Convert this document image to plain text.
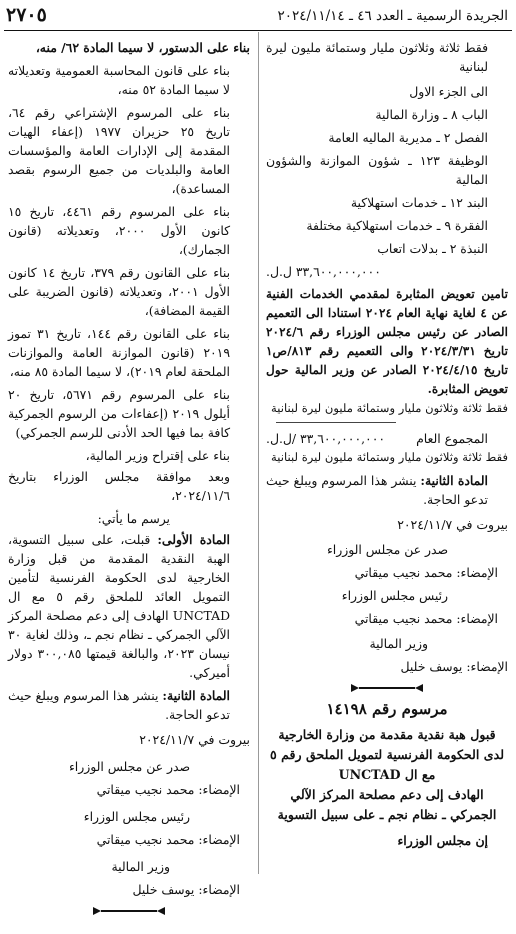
٢٧٠٥	الجريدة الرسمية ـ العدد ٤٦ ـ ٢٠٢٤/١١/١٤

فقط ثلاثة وثلاثون مليار وستمائة مليون ليرة لبنانية

الى الجزء الاول

الباب ٨ ـ وزارة المالية

الفصل ٢ ـ مديرية الماليه العامة

الوظيفة ١٢٣ ـ شؤون الموازنة والشؤون المالية

البند ١٢ ـ خدمات استهلاكية

الفقرة ٩ ـ خدمات استهلاكية مختلفة

النبذة ٢ ـ بدلات اتعاب

٣٣,٦٠٠,٠٠٠,٠٠٠ ل.ل.

تامين تعويض المثابرة لمقدمي الخدمات الفنية عن ٤ لغاية نهاية العام ٢٠٢٤ استنادا الى التعميم الصادر عن رئيس مجلس الوزراء رقم ٢٠٢٤/٦ تاريخ ٢٠٢٤/٣/٣١ والى التعميم رقم ٨١٣/ص١ تاريخ ٢٠٢٤/٤/١٥ الصادر عن وزير المالية حول تعويض المثابرة.

فقط ثلاثة وثلاثون مليار وستمائة مليون ليرة لبنانية

المجموع العام
٣٣,٦٠٠,٠٠٠,٠٠٠ /ل.ل.

فقط ثلاثة وثلاثون مليار وستمائة مليون ليرة لبنانية

المادة الثانية: ينشر هذا المرسوم ويبلغ حيث تدعو الحاجة.

بيروت في ٢٠٢٤/١١/٧

صدر عن مجلس الوزراء

الإمضاء: محمد نجيب ميقاتي

رئيس مجلس الوزراء

الإمضاء: محمد نجيب ميقاتي

وزير المالية

الإمضاء: يوسف خليل

مرسوم رقم ١٤١٩٨
قبول هبة نقدية مقدمة من وزارة الخارجية
لدى الحكومة الفرنسية لتمويل الملحق رقم ٥
مع ال UNCTAD
الهادف إلى دعم مصلحة المركز الآلي
الجمركي ـ نظام نجم ـ على سبيل التسوية

إن مجلس الوزراء

بناء على الدستور، لا سيما المادة ٦٢/ منه،

بناء على قانون المحاسبة العمومية وتعديلاته لا سيما المادة ٥٢ منه،

بناء على المرسوم الإشتراعي رقم ٦٤، تاريخ ٢٥ حزيران ١٩٧٧ (إعفاء الهيات المقدمة إلى الإدارات العامة والمؤسسات العامة والبلديات من جميع الرسوم بقصد المساعدة)،

بناء على المرسوم رقم ٤٤٦١، تاريخ ١٥ كانون الأول ٢٠٠٠، وتعديلاته (قانون الجمارك)،

بناء على القانون رقم ٣٧٩، تاريخ ١٤ كانون الأول ٢٠٠١، وتعديلاته (قانون الضريبة على القيمة المضافة)،

بناء على القانون رقم ١٤٤، تاريخ ٣١ تموز ٢٠١٩ (قانون الموازنة العامة والموازنات الملحقة لعام ٢٠١٩)، لا سيما المادة ٨٥ منه،

بناء على المرسوم رقم ٥٦٧١، تاريخ ٢٠ أيلول ٢٠١٩ (إعفاءات من الرسوم الجمركية كافة بما فيها الحد الأدنى للرسم الجمركي)

بناء على إقتراح وزير المالية،

وبعد موافقة مجلس الوزراء بتاريخ ٢٠٢٤/١١/٦،

يرسم ما يأتي:

المادة الأولى: قبلت، على سبيل التسوية، الهبة النقدية المقدمة من قبل وزارة الخارجية لدى الحكومة الفرنسية لتأمين التمويل العائد للملحق رقم ٥ مع ال UNCTAD الهادف إلى دعم مصلحة المركز الآلي الجمركي ـ نظام نجم ـ، وذلك لغاية ٣٠ نيسان ٢٠٢٣، والبالغة قيمتها ٣٠٠,٠٨٥ دولار أميركي.

المادة الثانية: ينشر هذا المرسوم ويبلغ حيث تدعو الحاجة.

بيروت في ٢٠٢٤/١١/٧

صدر عن مجلس الوزراء

الإمضاء: محمد نجيب ميقاتي

رئيس مجلس الوزراء

الإمضاء: محمد نجيب ميقاتي

وزير المالية

الإمضاء: يوسف خليل
